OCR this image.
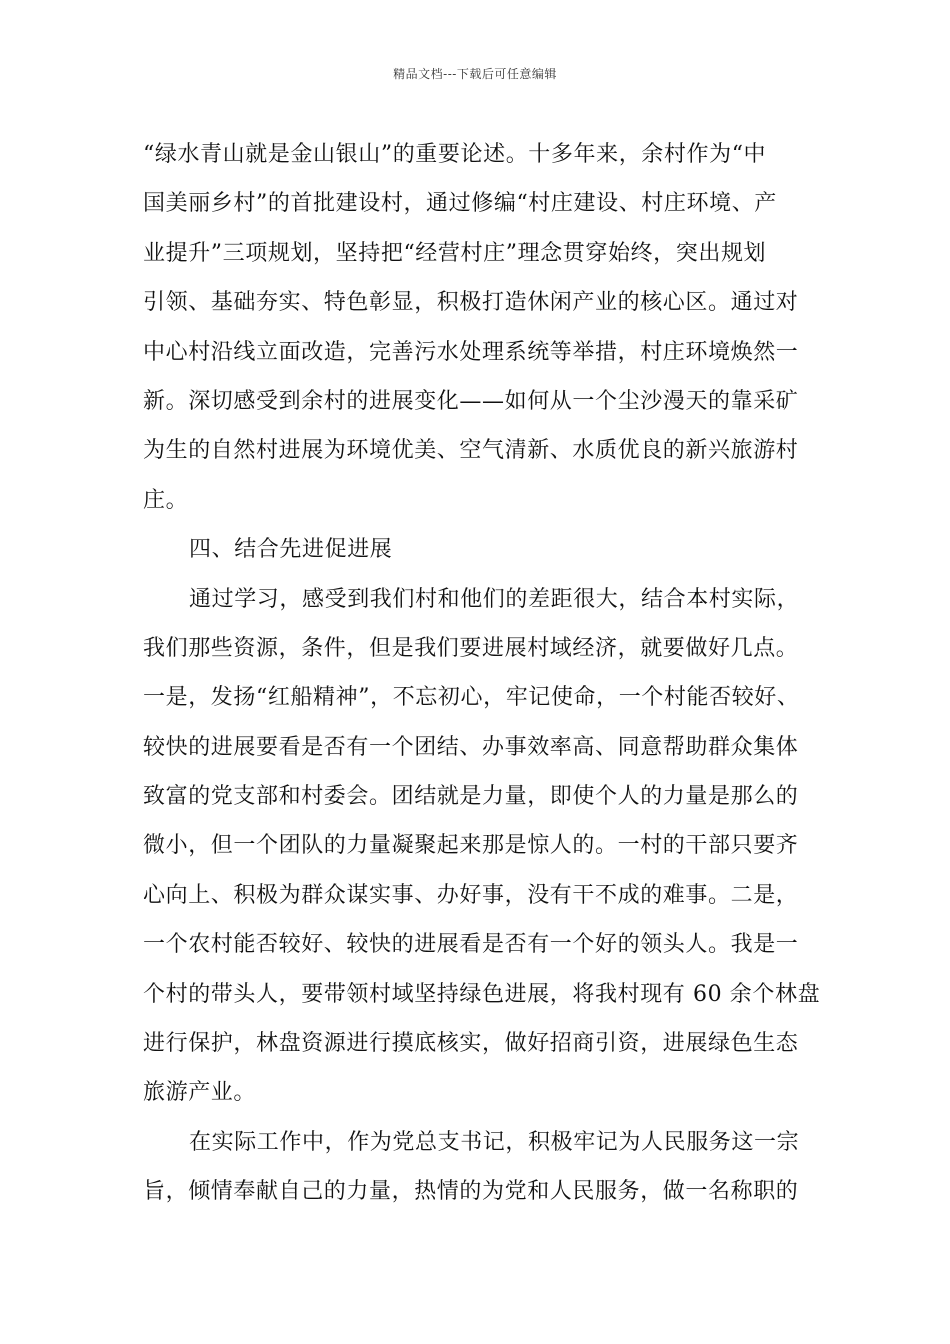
精品文档---下载后可任意编辑
“绿水青山就是金山银山”的重要论述。十多年来，余村作为“中
国美丽乡村”的首批建设村，通过修编“村庄建设、村庄环境、产
业提升”三项规划，坚持把“经营村庄”理念贯穿始终，突出规划
引领、基础夯实、特色彰显，积极打造休闲产业的核心区。通过对
中心村沿线立面改造，完善污水处理系统等举措，村庄环境焕然一
新。深切感受到余村的进展变化——如何从一个尘沙漫天的靠采矿
为生的自然村进展为环境优美、空气清新、水质优良的新兴旅游村
庄。
四、结合先进促进展
通过学习，感受到我们村和他们的差距很大，结合本村实际，
我们那些资源，条件，但是我们要进展村域经济，就要做好几点。
一是，发扬“红船精神”，不忘初心，牢记使命，一个村能否较好、
较快的进展要看是否有一个团结、办事效率高、同意帮助群众集体
致富的党支部和村委会。团结就是力量，即使个人的力量是那么的
微小，但一个团队的力量凝聚起来那是惊人的。一村的干部只要齐
心向上、积极为群众谋实事、办好事，没有干不成的难事。二是，
一个农村能否较好、较快的进展看是否有一个好的领头人。我是一
个村的带头人，要带领村域坚持绿色进展，将我村现有 60 余个林盘
进行保护，林盘资源进行摸底核实，做好招商引资，进展绿色生态
旅游产业。
在实际工作中，作为党总支书记，积极牢记为人民服务这一宗
旨，倾情奉献自己的力量，热情的为党和人民服务，做一名称职的
